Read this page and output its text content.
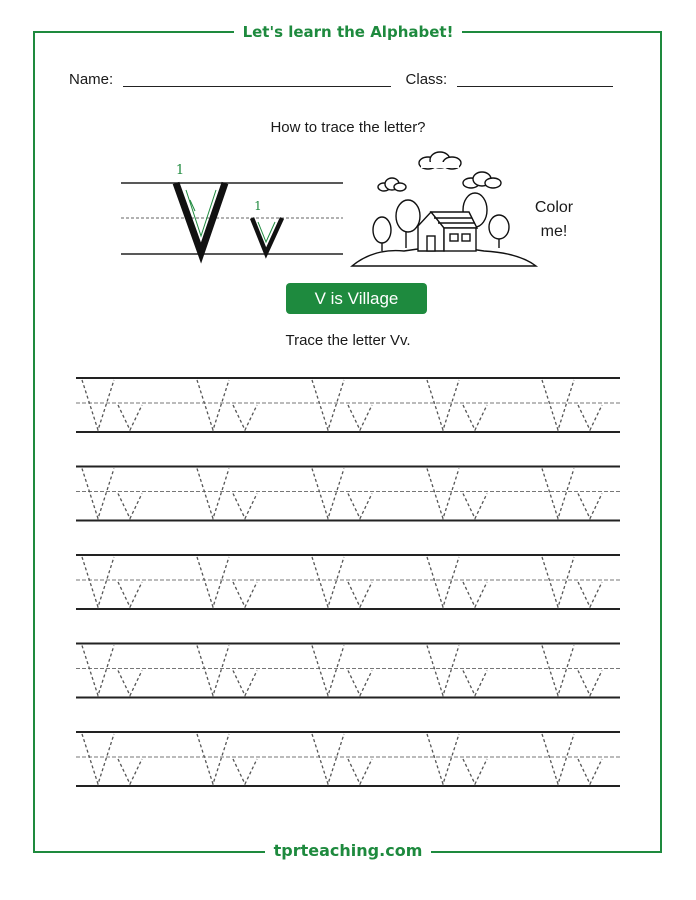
Let's learn the Alphabet!
Name:	Class:
How to trace the letter?
1
1	Color me!
V is Village
Trace the letter Vv.
tprteaching.com
